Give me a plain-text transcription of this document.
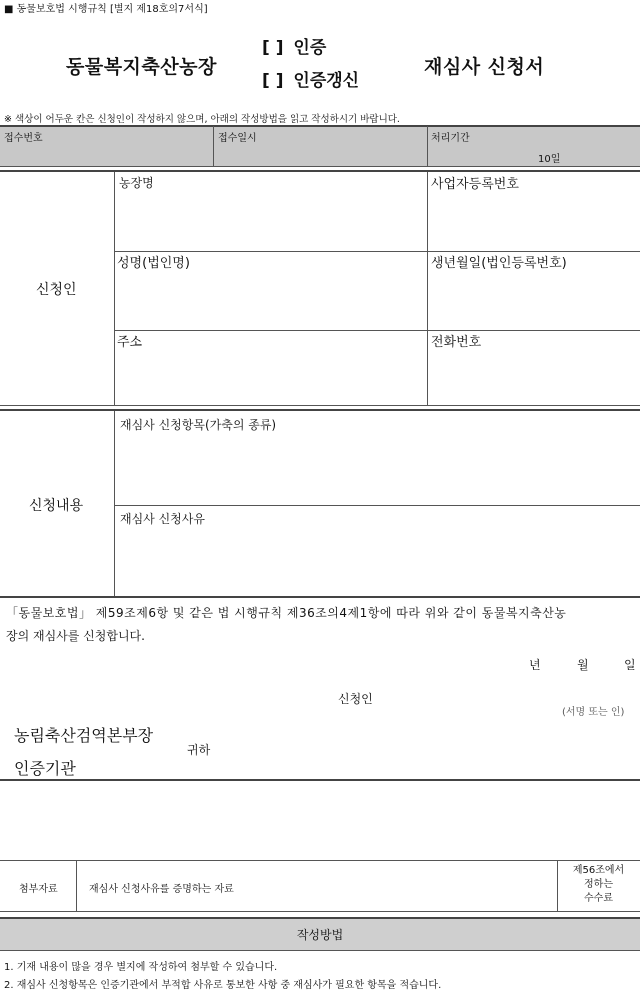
■ 동물보호법 시행규칙 [별지 제18호의7서식]
동물복지축산농장
[ ] 인증
[ ] 인증갱신
재심사 신청서
※ 색상이 어두운 칸은 신청인이 작성하지 않으며, 아래의 작성방법을 읽고 작성하시기 바랍니다.
접수번호	접수일시	처리기간
10일
신청인
농장명	사업자등록번호
성명(법인명)	생년월일(법인등록번호)
주소	전화번호
신청내용
재심사 신청항목(가축의 종류)
재심사 신청사유
「동물보호법」 제59조제6항 및 같은 법 시행규칙 제36조의4제1항에 따라 위와 같이 동물복지축산농
장의 재심사를 신청합니다.
년	월	일
신청인
(서명 또는 인)
농림축산검역본부장
인증기관
귀하
첨부자료	재심사 신청사유를 증명하는 자료
제56조에서
정하는
수수료
작성방법
1. 기재 내용이 많을 경우 별지에 작성하여 첨부할 수 있습니다.
2. 재심사 신청항목은 인증기관에서 부적합 사유로 통보한 사항 중 재심사가 필요한 항목을 적습니다.
